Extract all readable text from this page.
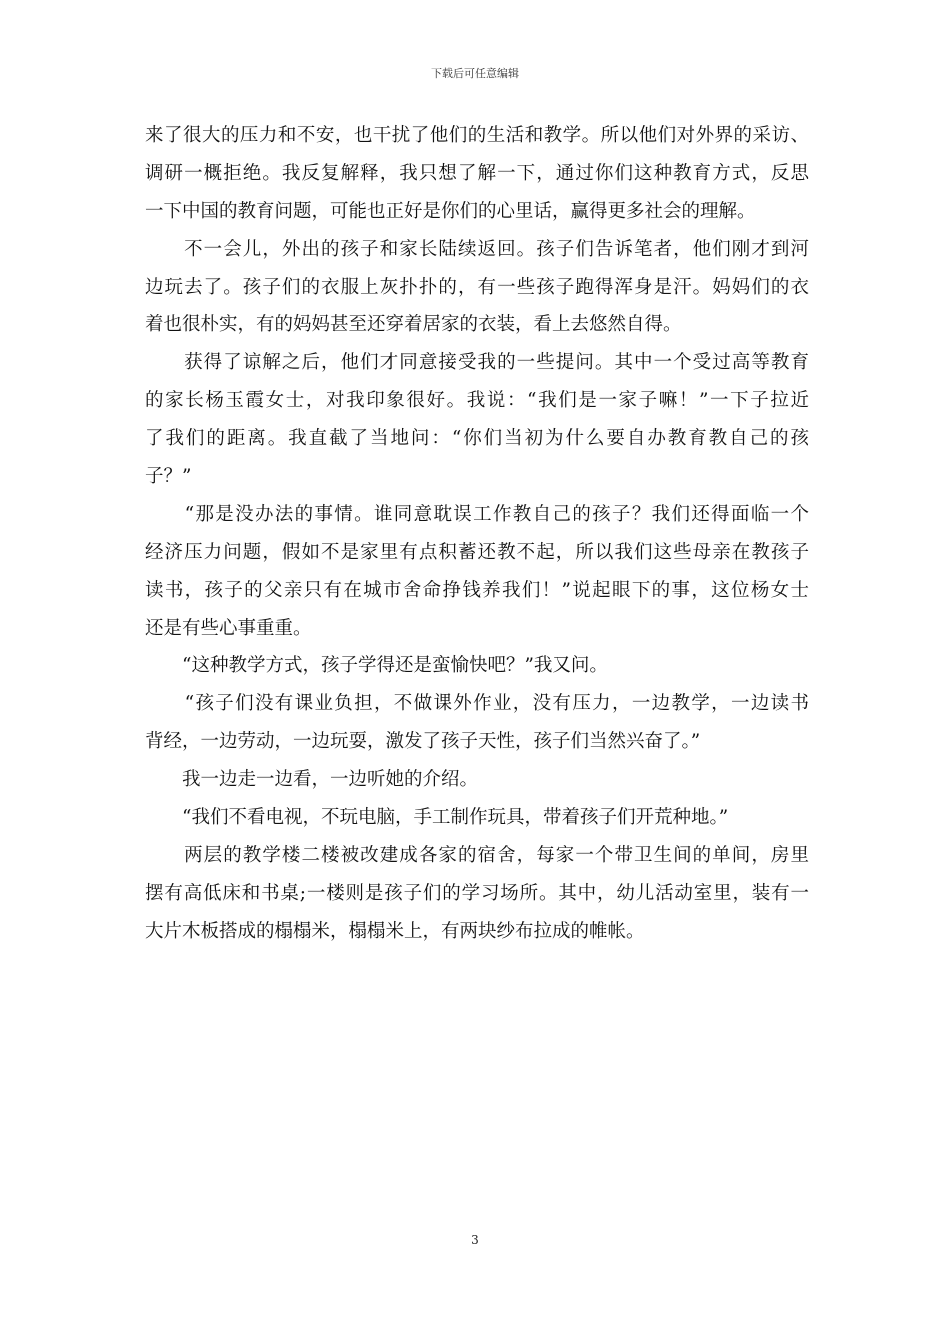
下载后可任意编辑
来了很大的压力和不安，也干扰了他们的生活和教学。所以他们对外界的采访、
调研一概拒绝。我反复解释，我只想了解一下，通过你们这种教育方式，反思
一下中国的教育问题，可能也正好是你们的心里话，赢得更多社会的理解。
　　不一会儿，外出的孩子和家长陆续返回。孩子们告诉笔者，他们刚才到河
边玩去了。孩子们的衣服上灰扑扑的，有一些孩子跑得浑身是汗。妈妈们的衣
着也很朴实，有的妈妈甚至还穿着居家的衣装，看上去悠然自得。
　　获得了谅解之后，他们才同意接受我的一些提问。其中一个受过高等教育
的家长杨玉霞女士，对我印象很好。我说：“我们是一家子嘛！”一下子拉近
了我们的距离。我直截了当地问：“你们当初为什么要自办教育教自己的孩
子？”
　　“那是没办法的事情。谁同意耽误工作教自己的孩子？我们还得面临一个
经济压力问题，假如不是家里有点积蓄还教不起，所以我们这些母亲在教孩子
读书，孩子的父亲只有在城市舍命挣钱养我们！”说起眼下的事，这位杨女士
还是有些心事重重。
　　“这种教学方式，孩子学得还是蛮愉快吧？”我又问。
　　“孩子们没有课业负担，不做课外作业，没有压力，一边教学，一边读书
背经，一边劳动，一边玩耍，激发了孩子天性，孩子们当然兴奋了。”
　　我一边走一边看，一边听她的介绍。
　　“我们不看电视，不玩电脑，手工制作玩具，带着孩子们开荒种地。”
　　两层的教学楼二楼被改建成各家的宿舍，每家一个带卫生间的单间，房里
摆有高低床和书桌;一楼则是孩子们的学习场所。其中，幼儿活动室里，装有一
大片木板搭成的榻榻米，榻榻米上，有两块纱布拉成的帷帐。
3
